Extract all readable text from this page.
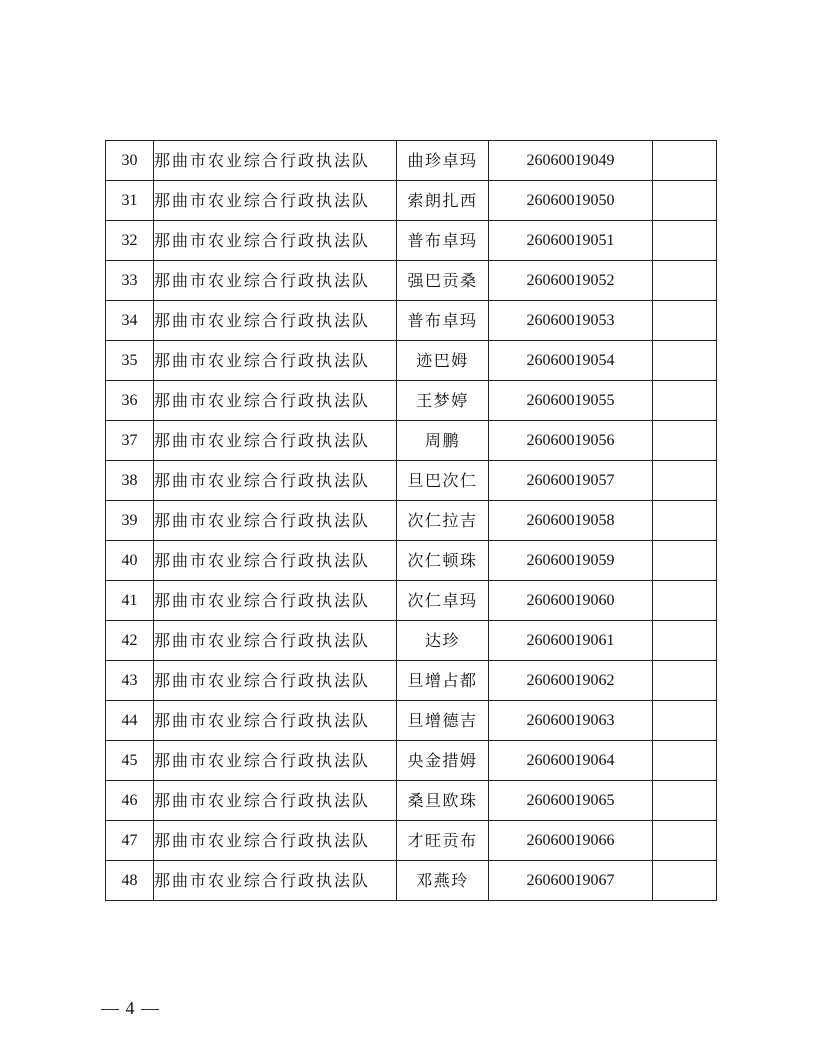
30	那曲市农业综合行政执法队	曲珍卓玛	26060019049	
31	那曲市农业综合行政执法队	索朗扎西	26060019050	
32	那曲市农业综合行政执法队	普布卓玛	26060019051	
33	那曲市农业综合行政执法队	强巴贡桑	26060019052	
34	那曲市农业综合行政执法队	普布卓玛	26060019053	
35	那曲市农业综合行政执法队	迹巴姆	26060019054	
36	那曲市农业综合行政执法队	王梦婷	26060019055	
37	那曲市农业综合行政执法队	周鹏	26060019056	
38	那曲市农业综合行政执法队	旦巴次仁	26060019057	
39	那曲市农业综合行政执法队	次仁拉吉	26060019058	
40	那曲市农业综合行政执法队	次仁顿珠	26060019059	
41	那曲市农业综合行政执法队	次仁卓玛	26060019060	
42	那曲市农业综合行政执法队	达珍	26060019061	
43	那曲市农业综合行政执法队	旦增占都	26060019062	
44	那曲市农业综合行政执法队	旦增德吉	26060019063	
45	那曲市农业综合行政执法队	央金措姆	26060019064	
46	那曲市农业综合行政执法队	桑旦欧珠	26060019065	
47	那曲市农业综合行政执法队	才旺贡布	26060019066	
48	那曲市农业综合行政执法队	邓燕玲	26060019067	
— 4 —
